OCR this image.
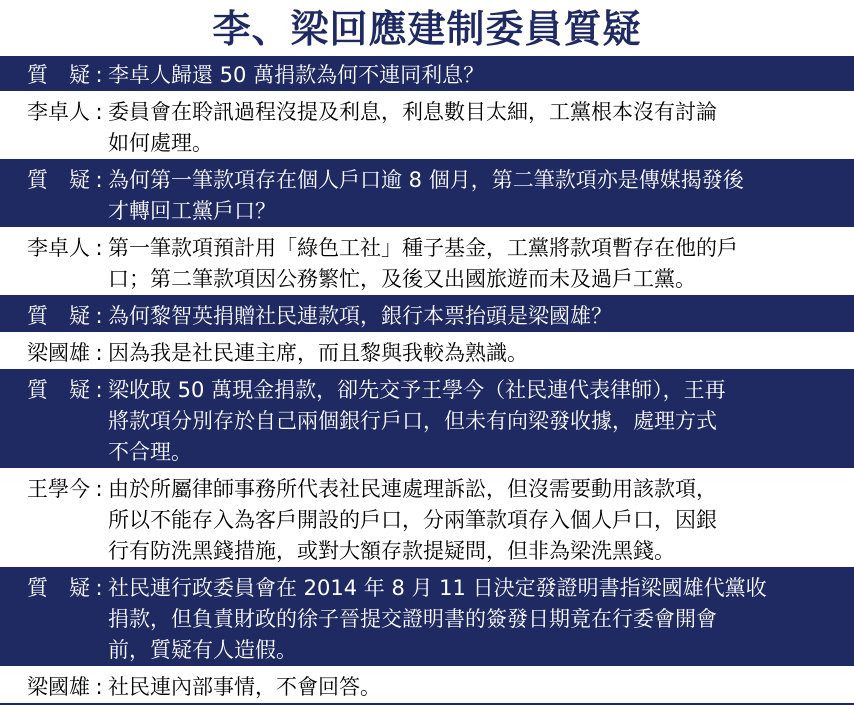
李、梁回應建制委員質疑
質　疑 : 李卓人歸還 50 萬捐款為何不連同利息？
李卓人 : 委員會在聆訊過程沒提及利息，利息數目太細，工黨根本沒有討論
如何處理。
質　疑 : 為何第一筆款項存在個人戶口逾 8 個月，第二筆款項亦是傳媒揭發後
才轉回工黨戶口？
李卓人 : 第一筆款項預計用「綠色工社」種子基金，工黨將款項暫存在他的戶
口；第二筆款項因公務繁忙，及後又出國旅遊而未及過戶工黨。
質　疑 : 為何黎智英捐贈社民連款項，銀行本票抬頭是梁國雄？
梁國雄 : 因為我是社民連主席，而且黎與我較為熟識。
質　疑 : 梁收取 50 萬現金捐款，卻先交予王學今（社民連代表律師），王再
將款項分別存於自己兩個銀行戶口，但未有向梁發收據，處理方式
不合理。
王學今 : 由於所屬律師事務所代表社民連處理訴訟，但沒需要動用該款項，
所以不能存入為客戶開設的戶口，分兩筆款項存入個人戶口，因銀
行有防洗黑錢措施，或對大額存款提疑問，但非為梁洗黑錢。
質　疑 : 社民連行政委員會在 2014 年 8 月 11 日決定發證明書指梁國雄代黨收
捐款，但負責財政的徐子晉提交證明書的簽發日期竟在行委會開會
前，質疑有人造假。
梁國雄 : 社民連內部事情，不會回答。
